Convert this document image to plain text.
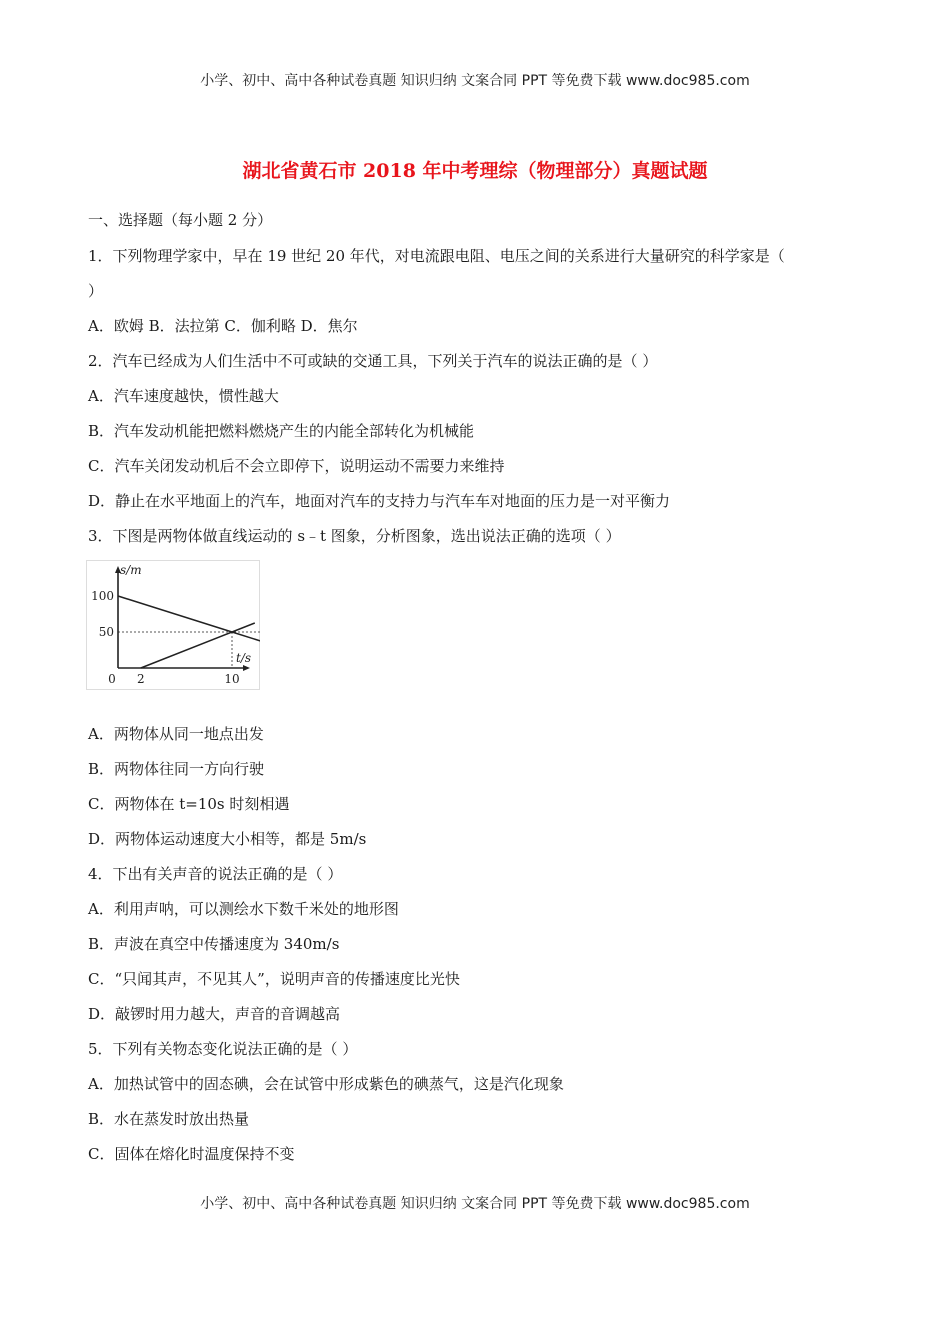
小学、初中、高中各种试卷真题 知识归纳 文案合同 PPT 等免费下载 www.doc985.com
湖北省黄石市 2018 年中考理综（物理部分）真题试题
一、选择题（每小题 2 分）
1．下列物理学家中，早在 19 世纪 20 年代，对电流跟电阻、电压之间的关系进行大量研究的科学家是（
）
A．欧姆 B．法拉第 C．伽利略 D．焦尔
2．汽车已经成为人们生活中不可或缺的交通工具，下列关于汽车的说法正确的是（ ）
A．汽车速度越快，惯性越大
B．汽车发动机能把燃料燃烧产生的内能全部转化为机械能
C．汽车关闭发动机后不会立即停下，说明运动不需要力来维持
D．静止在水平地面上的汽车，地面对汽车的支持力与汽车车对地面的压力是一对平衡力
3．下图是两物体做直线运动的 s﹣t 图象，分析图象，选出说法正确的选项（ ）
s/m
t/s
100
50
0 2	10
A．两物体从同一地点出发
B．两物体往同一方向行驶
C．两物体在 t=10s 时刻相遇
D．两物体运动速度大小相等，都是 5m/s
4．下出有关声音的说法正确的是（ ）
A．利用声呐，可以测绘水下数千米处的地形图
B．声波在真空中传播速度为 340m/s
C．“只闻其声，不见其人”，说明声音的传播速度比光快
D．敲锣时用力越大，声音的音调越高
5．下列有关物态变化说法正确的是（ ）
A．加热试管中的固态碘，会在试管中形成紫色的碘蒸气，这是汽化现象
B．水在蒸发时放出热量
C．固体在熔化时温度保持不变
小学、初中、高中各种试卷真题 知识归纳 文案合同 PPT 等免费下载 www.doc985.com
